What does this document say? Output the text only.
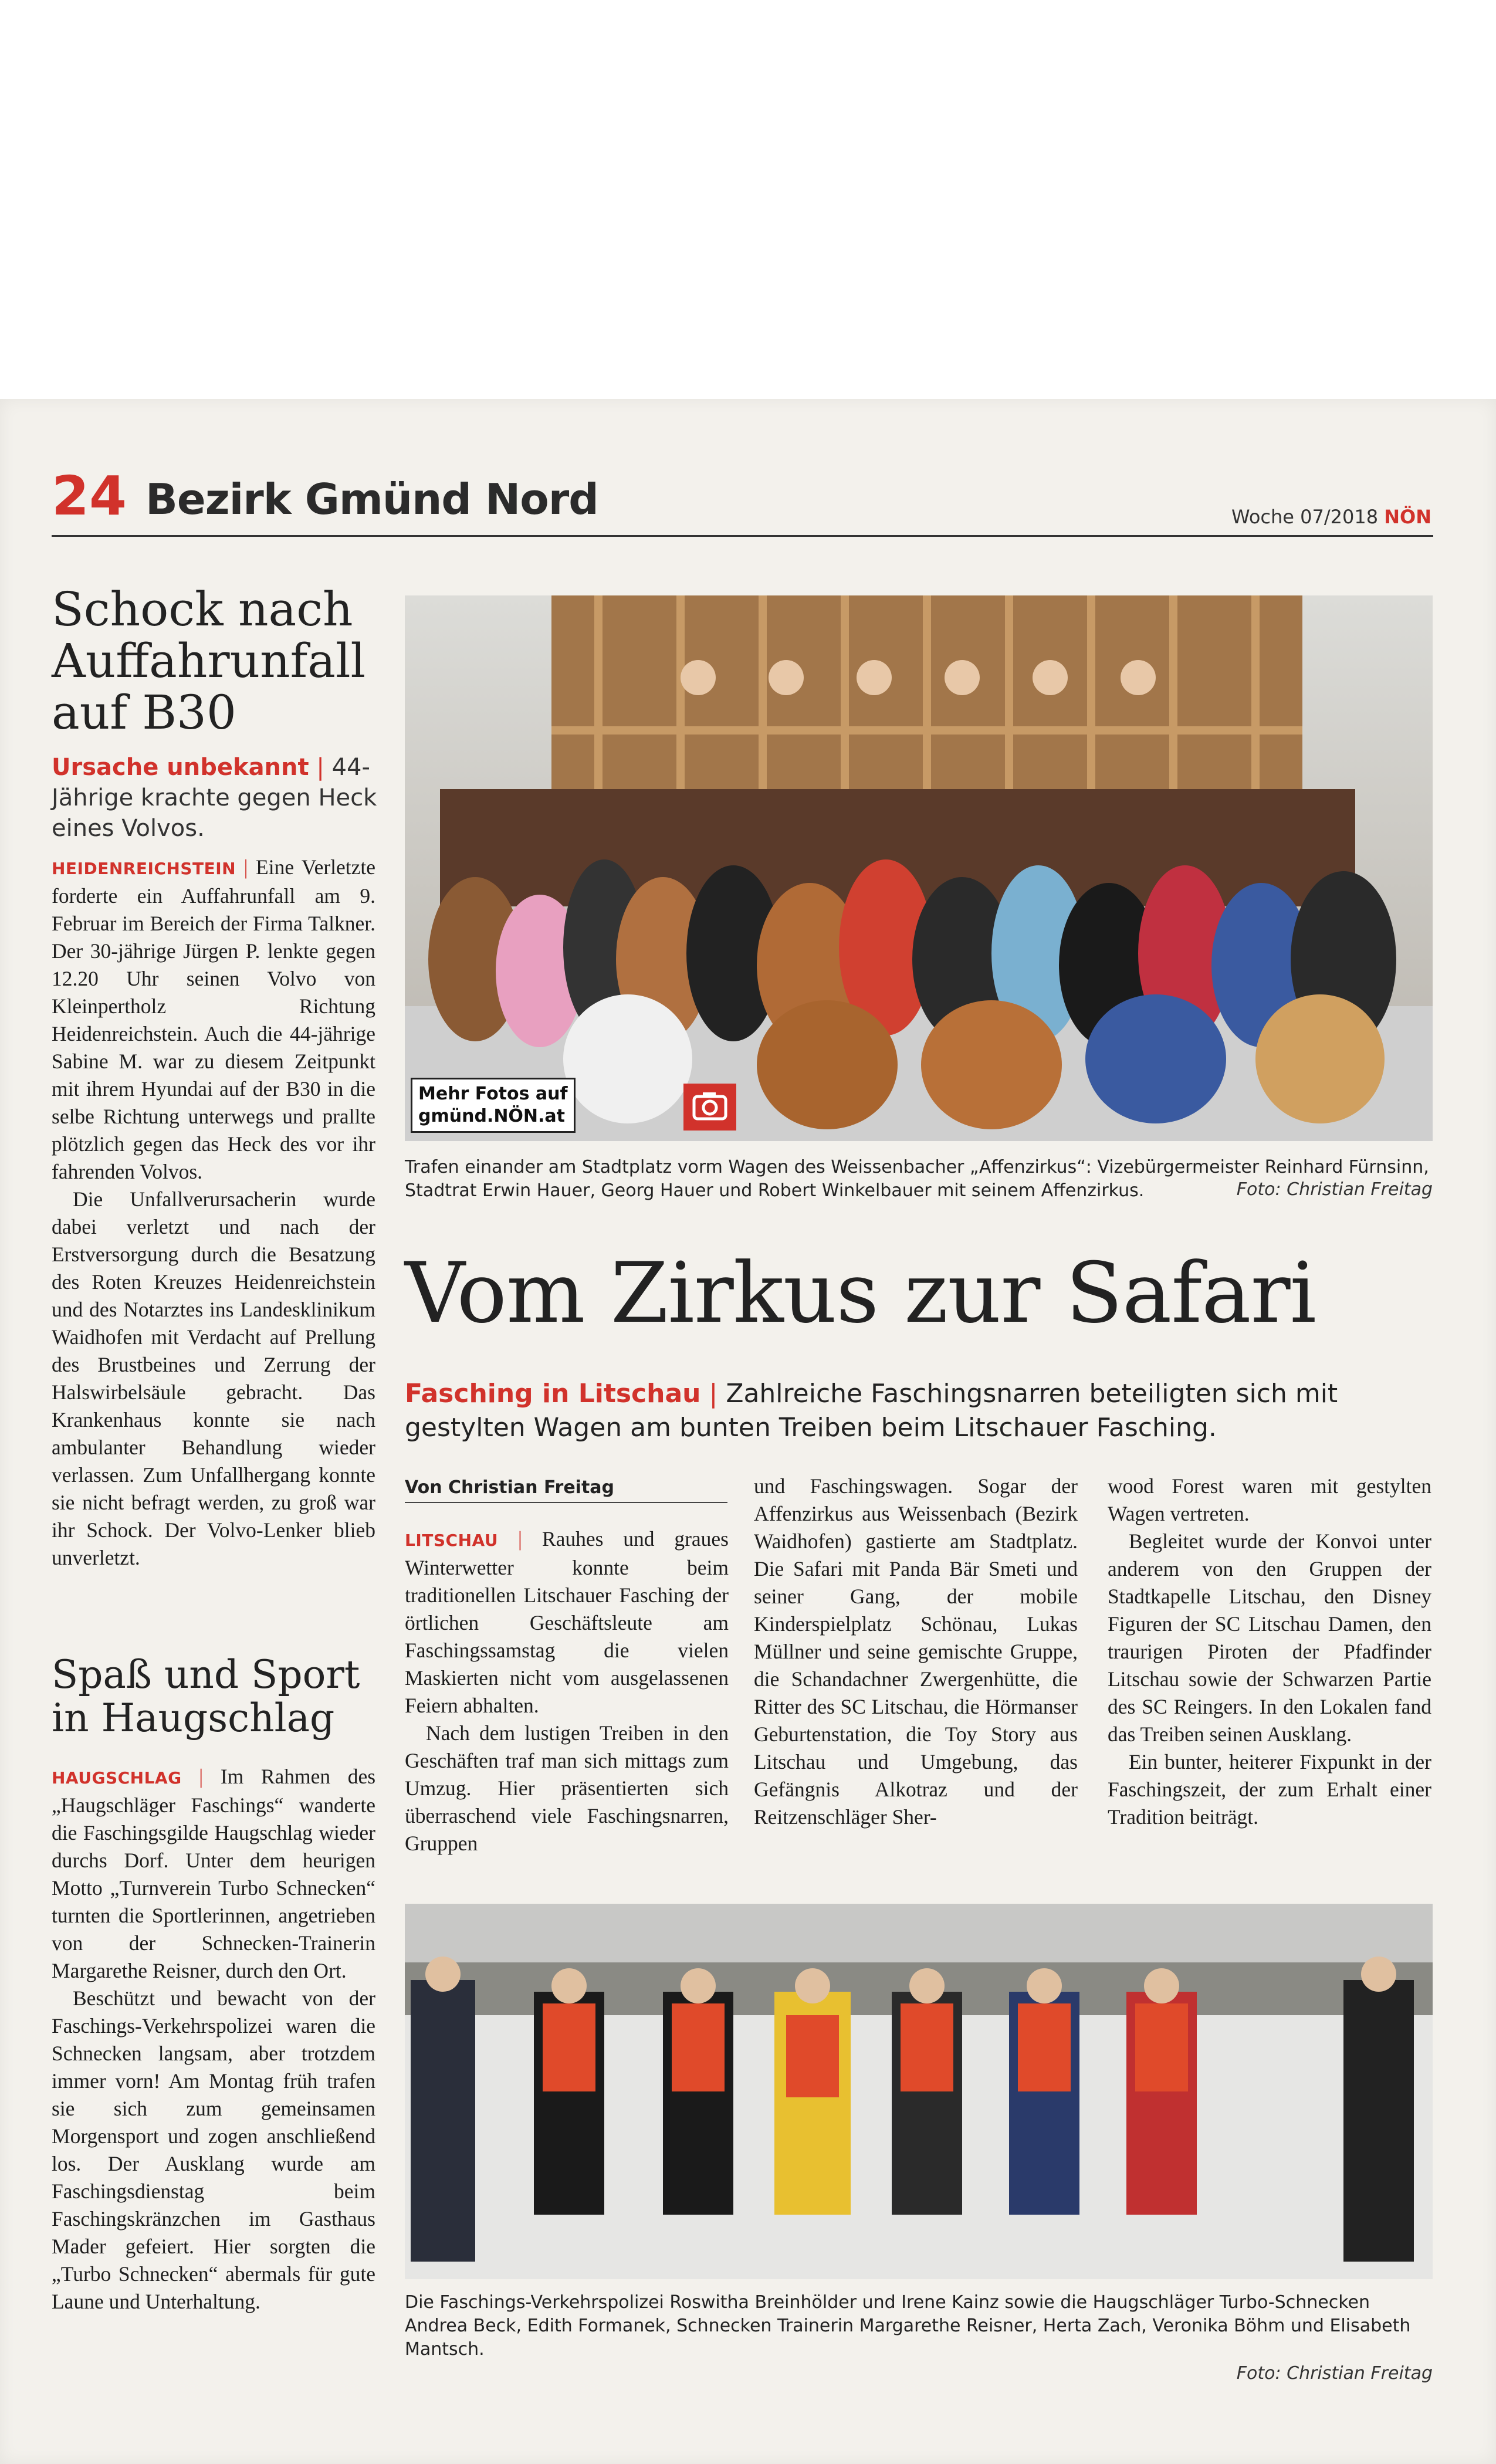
24 Bezirk Gmünd Nord	Woche 07/2018 NÖN
Schock nach Auffahrunfall auf B30
Ursache unbekannt | 44-Jährige krachte gegen Heck eines Volvos.

HEIDENREICHSTEIN | Eine Verletzte forderte ein Auffahrunfall am 9. Februar im Bereich der Firma Talkner. Der 30-jährige Jürgen P. lenkte gegen 12.20 Uhr seinen Volvo von Kleinpertholz Richtung Heidenreichstein. Auch die 44-jährige Sabine M. war zu diesem Zeitpunkt mit ihrem Hyundai auf der B30 in die selbe Richtung unterwegs und prallte plötzlich gegen das Heck des vor ihr fahrenden Volvos.

Die Unfallverursacherin wurde dabei verletzt und nach der Erstversorgung durch die Besatzung des Roten Kreuzes Heidenreichstein und des Notarztes ins Landesklinikum Waidhofen mit Verdacht auf Prellung des Brustbeines und Zerrung der Halswirbelsäule gebracht. Das Krankenhaus konnte sie nach ambulanter Behandlung wieder verlassen. Zum Unfallhergang konnte sie nicht befragt werden, zu groß war ihr Schock. Der Volvo-Lenker blieb unverletzt.

Spaß und Sport in Haugschlag

HAUGSCHLAG | Im Rahmen des „Haugschläger Faschings“ wanderte die Faschingsgilde Haugschlag wieder durchs Dorf. Unter dem heurigen Motto „Turnverein Turbo Schnecken“ turnten die Sportlerinnen, angetrieben von der Schnecken-Trainerin Margarethe Reisner, durch den Ort.

Beschützt und bewacht von der Faschings-Verkehrspolizei waren die Schnecken langsam, aber trotzdem immer vorn! Am Montag früh trafen sie sich zum gemeinsamen Morgensport und zogen anschließend los. Der Ausklang wurde am Faschingsdienstag beim Faschingskränzchen im Gasthaus Mader gefeiert. Hier sorgten die „Turbo Schnecken“ abermals für gute Laune und Unterhaltung.

Mehr Fotos auf
gmünd.NÖN.at
Trafen einander am Stadtplatz vorm Wagen des Weissenbacher „Affenzirkus“: Vizebürgermeister Reinhard Fürnsinn, Stadtrat Erwin Hauer, Georg Hauer und Robert Winkelbauer mit seinem Affenzirkus.	Foto: Christian Freitag
Vom Zirkus zur Safari
Fasching in Litschau | Zahlreiche Faschingsnarren beteiligten sich mit gestylten Wagen am bunten Treiben beim Litschauer Fasching.
Von Christian Freitag

LITSCHAU | Rauhes und graues Winterwetter konnte beim traditionellen Litschauer Fasching der örtlichen Geschäftsleute am Faschingssamstag die vielen Maskierten nicht vom ausgelassenen Feiern abhalten.

Nach dem lustigen Treiben in den Geschäften traf man sich mittags zum Umzug. Hier präsentierten sich überraschend viele Faschingsnarren, Gruppen

und Faschingswagen. Sogar der Affenzirkus aus Weissenbach (Bezirk Waidhofen) gastierte am Stadtplatz. Die Safari mit Panda Bär Smeti und seiner Gang, der mobile Kinderspielplatz Schönau, Lukas Müllner und seine gemischte Gruppe, die Schandachner Zwergenhütte, die Ritter des SC Litschau, die Hörmanser Geburtenstation, die Toy Story aus Litschau und Umgebung, das Gefängnis Alkotraz und der Reitzenschläger Sher-

wood Forest waren mit gestylten Wagen vertreten.

Begleitet wurde der Konvoi unter anderem von den Gruppen der Stadtkapelle Litschau, den Disney Figuren der SC Litschau Damen, den traurigen Piroten der Pfadfinder Litschau sowie der Schwarzen Partie des SC Reingers. In den Lokalen fand das Treiben seinen Ausklang.

Ein bunter, heiterer Fixpunkt in der Faschingszeit, der zum Erhalt einer Tradition beiträgt.

Die Faschings-Verkehrspolizei Roswitha Breinhölder und Irene Kainz sowie die Haugschläger Turbo-Schnecken Andrea Beck, Edith Formanek, Schnecken Trainerin Margarethe Reisner, Herta Zach, Veronika Böhm und Elisabeth Mantsch.
Foto: Christian Freitag
